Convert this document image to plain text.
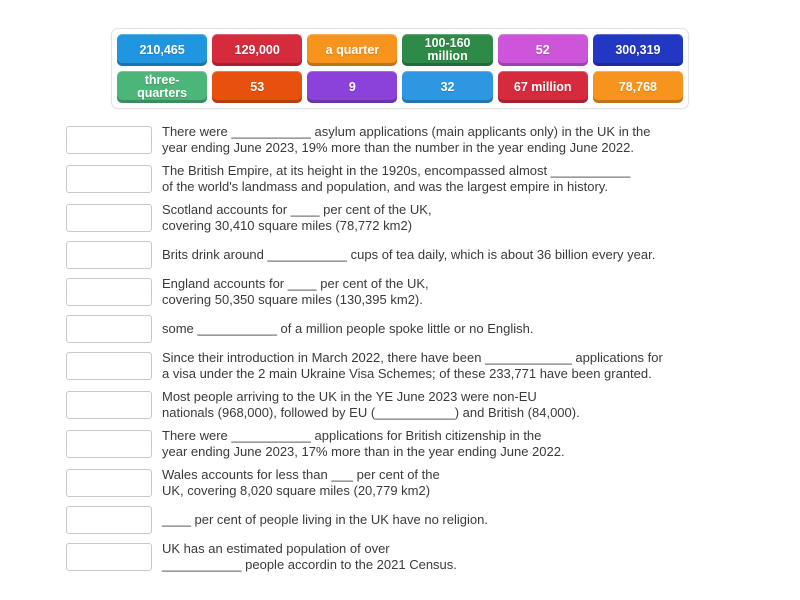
210,465	129,000	a quarter	100-160 million	52	300,319
three-quarters	53	9	32	67 million	78,768
There were ___________ asylum applications (main applicants only) in the UK in the
year ending June 2023, 19% more than the number in the year ending June 2022.
The British Empire, at its height in the 1920s, encompassed almost ___________
of the world's landmass and population, and was the largest empire in history.
Scotland accounts for ____ per cent of the UK,
covering 30,410 square miles (78,772 km2)
Brits drink around ___________ cups of tea daily, which is about 36 billion every year.
England accounts for ____ per cent of the UK,
covering 50,350 square miles (130,395 km2).
some ___________ of a million people spoke little or no English.
Since their introduction in March 2022, there have been ____________ applications for
a visa under the 2 main Ukraine Visa Schemes; of these 233,771 have been granted.
Most people arriving to the UK in the YE June 2023 were non-EU
nationals (968,000), followed by EU (___________) and British (84,000).
There were ___________ applications for British citizenship in the
year ending June 2023, 17% more than in the year ending June 2022.
Wales accounts for less than ___ per cent of the
UK, covering 8,020 square miles (20,779 km2)
____ per cent of people living in the UK have no religion.
UK has an estimated population of over
___________ people accordin to the 2021 Census.
